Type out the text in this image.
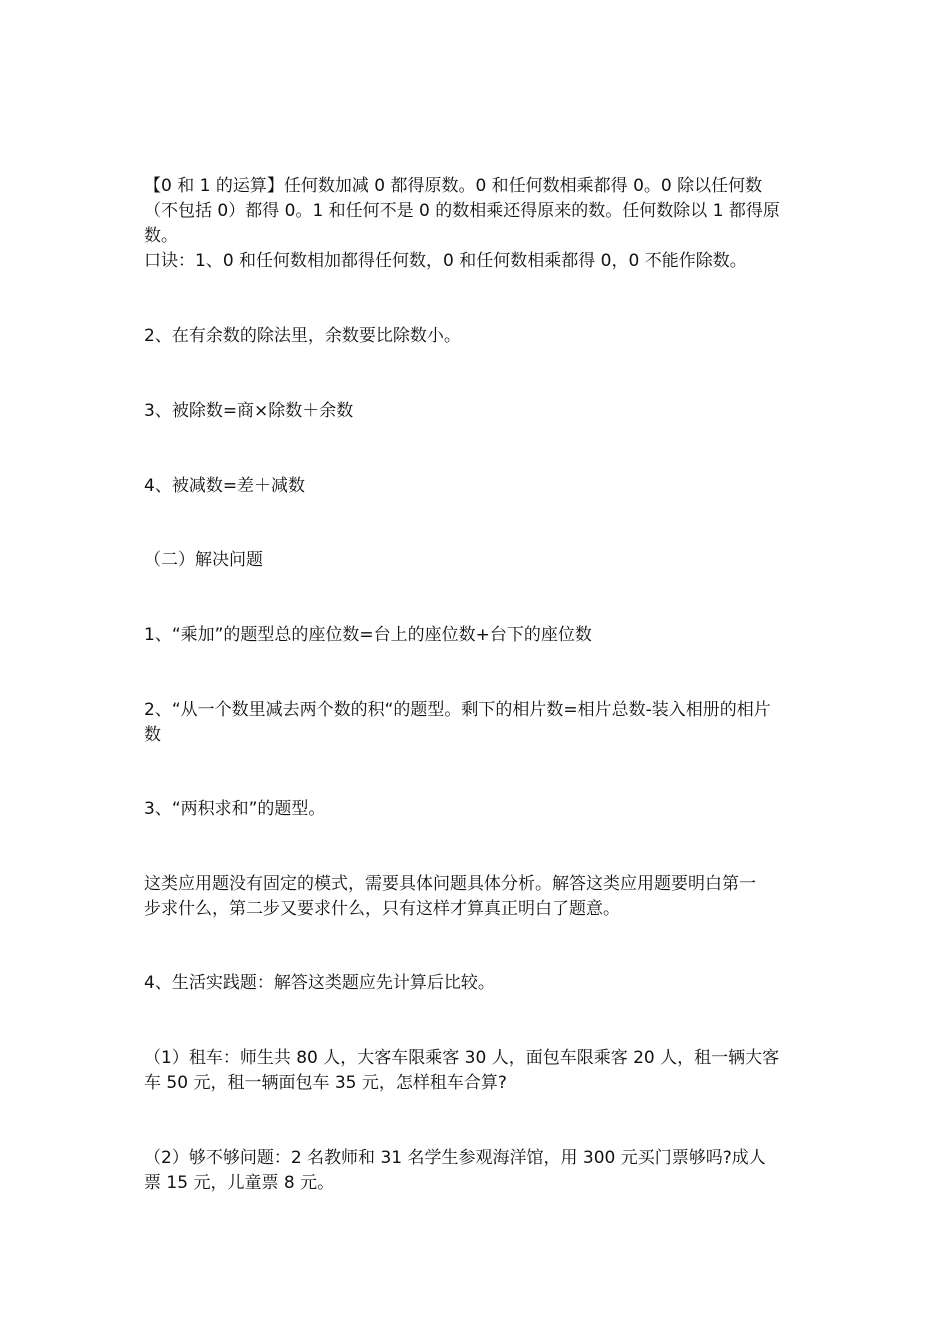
【0 和 1 的运算】任何数加减 0 都得原数。0 和任何数相乘都得 0。0 除以任何数
（不包括 0）都得 0。1 和任何不是 0 的数相乘还得原来的数。任何数除以 1 都得原
数。
口诀：1、0 和任何数相加都得任何数，0 和任何数相乘都得 0，0 不能作除数。
2、在有余数的除法里，余数要比除数小。
3、被除数=商×除数＋余数
4、被减数=差＋减数
（二）解决问题
1、“乘加”的题型总的座位数=台上的座位数+台下的座位数
2、“从一个数里减去两个数的积“的题型。剩下的相片数=相片总数-装入相册的相片
数
3、“两积求和”的题型。
这类应用题没有固定的模式，需要具体问题具体分析。解答这类应用题要明白第一
步求什么，第二步又要求什么，只有这样才算真正明白了题意。
4、生活实践题：解答这类题应先计算后比较。
（1）租车：师生共 80 人，大客车限乘客 30 人，面包车限乘客 20 人，租一辆大客
车 50 元，租一辆面包车 35 元，怎样租车合算?
（2）够不够问题：2 名教师和 31 名学生参观海洋馆，用 300 元买门票够吗?成人
票 15 元，儿童票 8 元。
